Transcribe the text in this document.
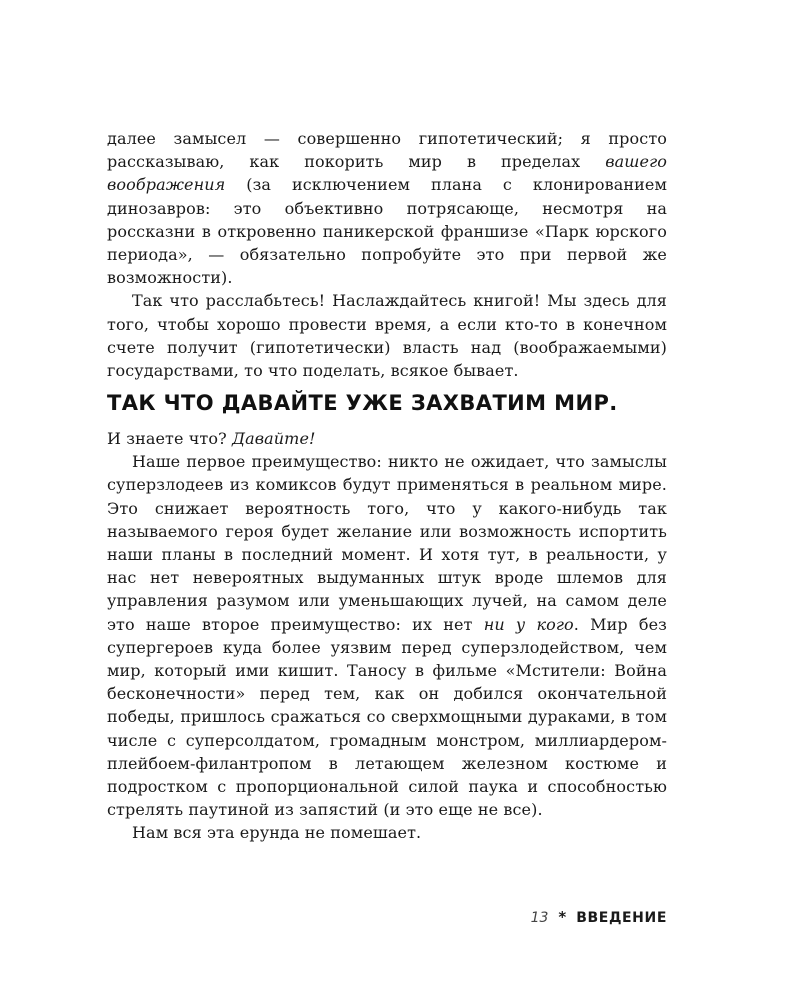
далее замысел — совершенно гипотетический; я просто рассказываю, как покорить мир в пределах вашего воображения (за исключением плана с клонированием динозавров: это объективно потрясающе, несмотря на россказни в откровенно паникерской франшизе «Парк юрского периода», — обязательно попробуйте это при первой же возможности).

Так что расслабьтесь! Наслаждайтесь книгой! Мы здесь для того, чтобы хорошо провести время, а если кто-то в конечном счете получит (гипотетически) власть над (воображаемыми) государствами, то что поделать, всякое бывает.

ТАК ЧТО ДАВАЙТЕ УЖЕ ЗАХВАТИМ МИР.

И знаете что? Давайте!

Наше первое преимущество: никто не ожидает, что замыслы суперзлодеев из комиксов будут применяться в реальном мире. Это снижает вероятность того, что у какого-нибудь так называемого героя будет желание или возможность испортить наши планы в последний момент. И хотя тут, в реальности, у нас нет невероятных выдуманных штук вроде шлемов для управления разумом или уменьшающих лучей, на самом деле это наше второе преимущество: их нет ни у кого. Мир без супергероев куда более уязвим перед суперзлодейством, чем мир, который ими кишит. Таносу в фильме «Мстители: Война бесконечности» перед тем, как он добился окончательной победы, пришлось сражаться со сверхмощными дураками, в том числе с суперсолдатом, громадным монстром, миллиардером-плейбоем-филантропом в летающем железном костюме и подростком с пропорциональной силой паука и способностью стрелять паутиной из запястий (и это еще не все).

Нам вся эта ерунда не помешает.

13 * ВВЕДЕНИЕ
